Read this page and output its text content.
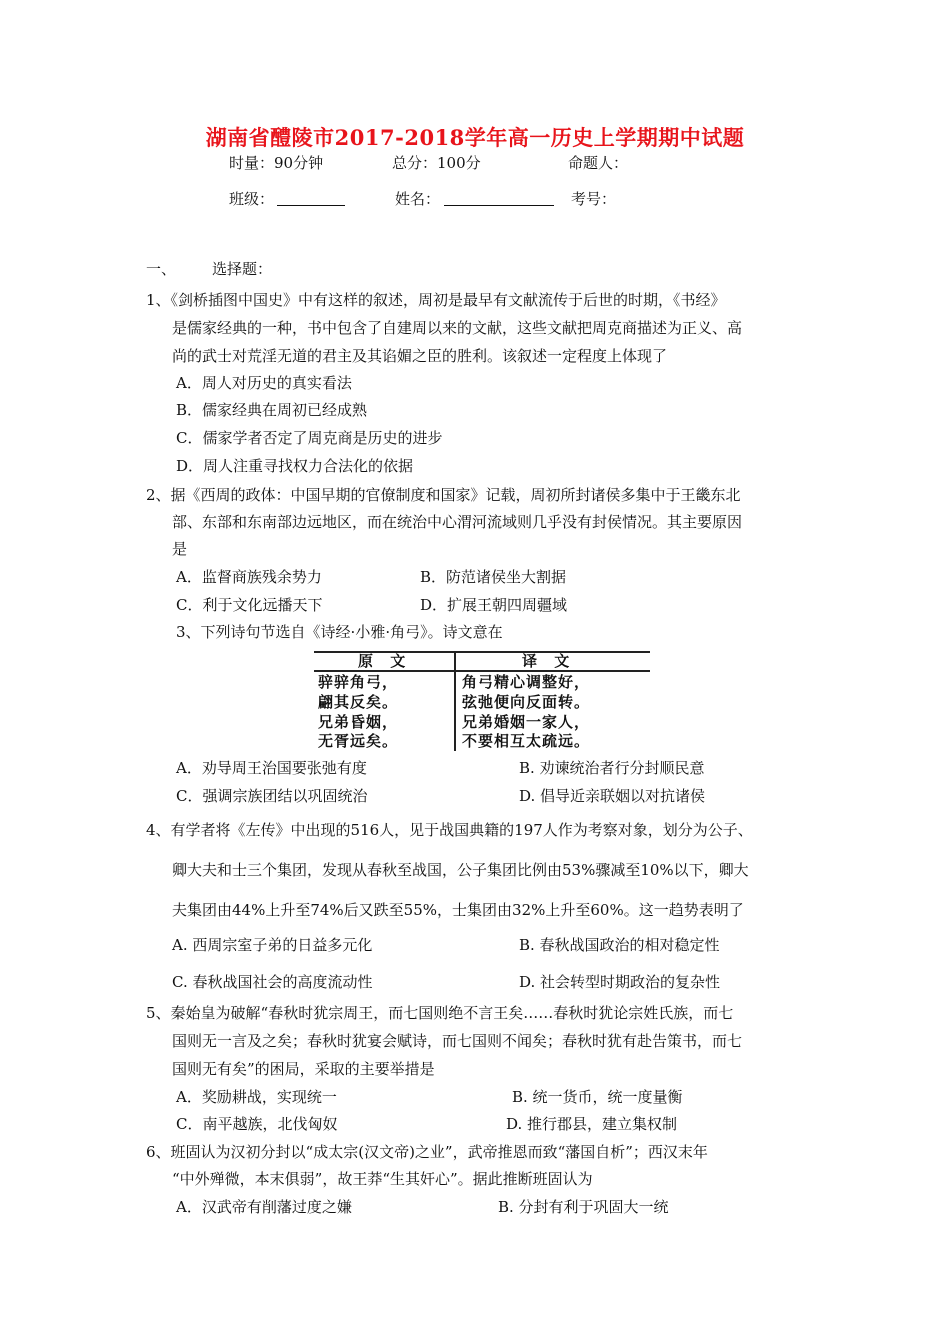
湖南省醴陵市2017-2018学年高一历史上学期期中试题
时量：90分钟	总分：100分	命题人：
班级：	姓名：	考号：
一、 选择题：
1、《剑桥插图中国史》中有这样的叙述，周初是最早有文献流传于后世的时期，《书经》
是儒家经典的一种，书中包含了自建周以来的文献，这些文献把周克商描述为正义、高
尚的武士对荒淫无道的君主及其谄媚之臣的胜利。该叙述一定程度上体现了
A．周人对历史的真实看法
B．儒家经典在周初已经成熟
C．儒家学者否定了周克商是历史的进步
D．周人注重寻找权力合法化的依据
2、据《西周的政体：中国早期的官僚制度和国家》记载，周初所封诸侯多集中于王畿东北
部、东部和东南部边远地区，而在统治中心渭河流域则几乎没有封侯情况。其主要原因
是
A．监督商族残余势力	B．防范诸侯坐大割据
C．利于文化远播天下	D．扩展王朝四周疆域
3、下列诗句节选自《诗经·小雅·角弓》。诗文意在
原 文	译 文
骍骍角弓，	角弓精心调整好，
翩其反矣。	弦弛便向反面转。
兄弟昏姻，	兄弟婚姻一家人，
无胥远矣。	不要相互太疏远。
A．劝导周王治国要张弛有度	B. 劝谏统治者行分封顺民意
C．强调宗族团结以巩固统治	D. 倡导近亲联姻以对抗诸侯
4、有学者将《左传》中出现的516人，见于战国典籍的197人作为考察对象，划分为公子、
卿大夫和士三个集团，发现从春秋至战国，公子集团比例由53%骤减至10%以下，卿大
夫集团由44%上升至74%后又跌至55%，士集团由32%上升至60%。这一趋势表明了
A. 西周宗室子弟的日益多元化	B. 春秋战国政治的相对稳定性
C. 春秋战国社会的高度流动性	D. 社会转型时期政治的复杂性
5、秦始皇为破解“春秋时犹宗周王，而七国则绝不言王矣……春秋时犹论宗姓氏族，而七
国则无一言及之矣；春秋时犹宴会赋诗，而七国则不闻矣；春秋时犹有赴告策书，而七
国则无有矣”的困局，采取的主要举措是
A．奖励耕战，实现统一	B. 统一货币，统一度量衡
C．南平越族，北伐匈奴	D. 推行郡县，建立集权制
6、班固认为汉初分封以“成太宗(汉文帝)之业”，武帝推恩而致“藩国自析”；西汉末年
“中外殚微，本末俱弱”，故王莽“生其奸心”。据此推断班固认为
A．汉武帝有削藩过度之嫌	B. 分封有利于巩固大一统
